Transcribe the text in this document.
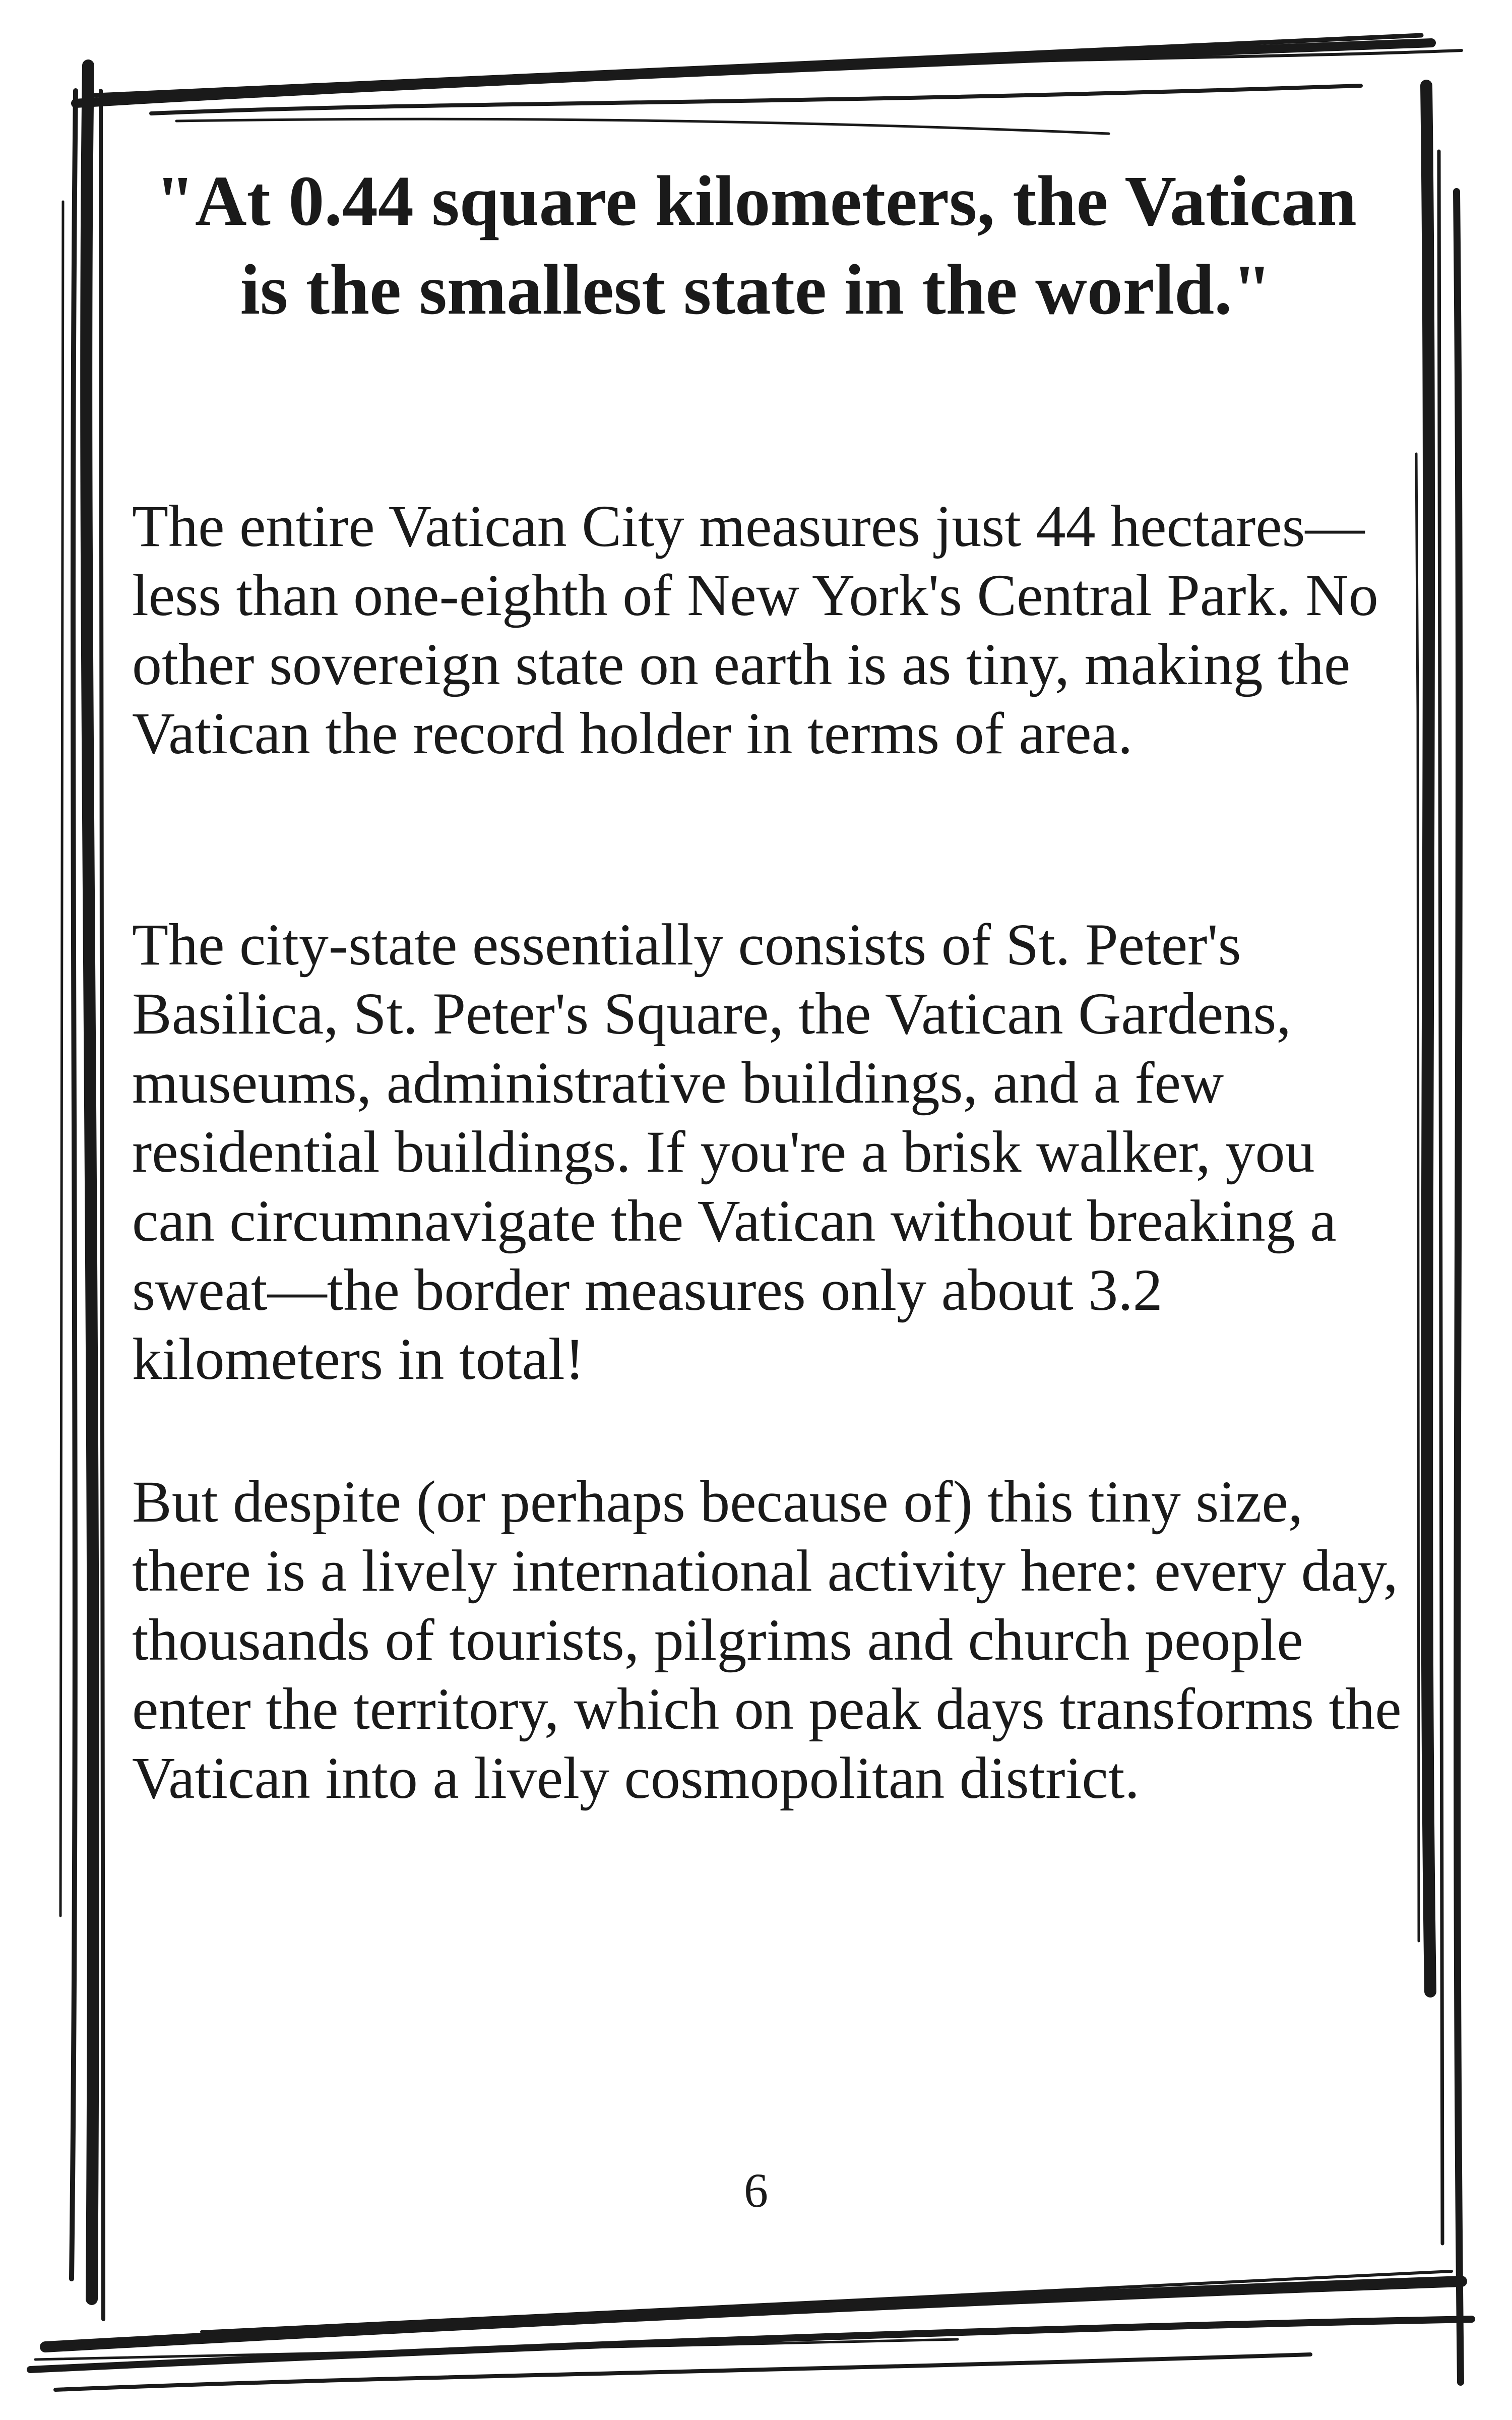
"At 0.44 square kilometers, the Vatican is the smallest state in the world."

The entire Vatican City measures just 44 hectares—less than one-eighth of New York's Central Park. No other sovereign state on earth is as tiny, making the Vatican the record holder in terms of area.

The city-state essentially consists of St. Peter's Basilica, St. Peter's Square, the Vatican Gardens, museums, administrative buildings, and a few residential buildings. If you're a brisk walker, you can circumnavigate the Vatican without breaking a sweat—the border measures only about 3.2 kilometers in total!

But despite (or perhaps because of) this tiny size, there is a lively international activity here: every day, thousands of tourists, pilgrims and church people enter the territory, which on peak days transforms the Vatican into a lively cosmopolitan district.

6
